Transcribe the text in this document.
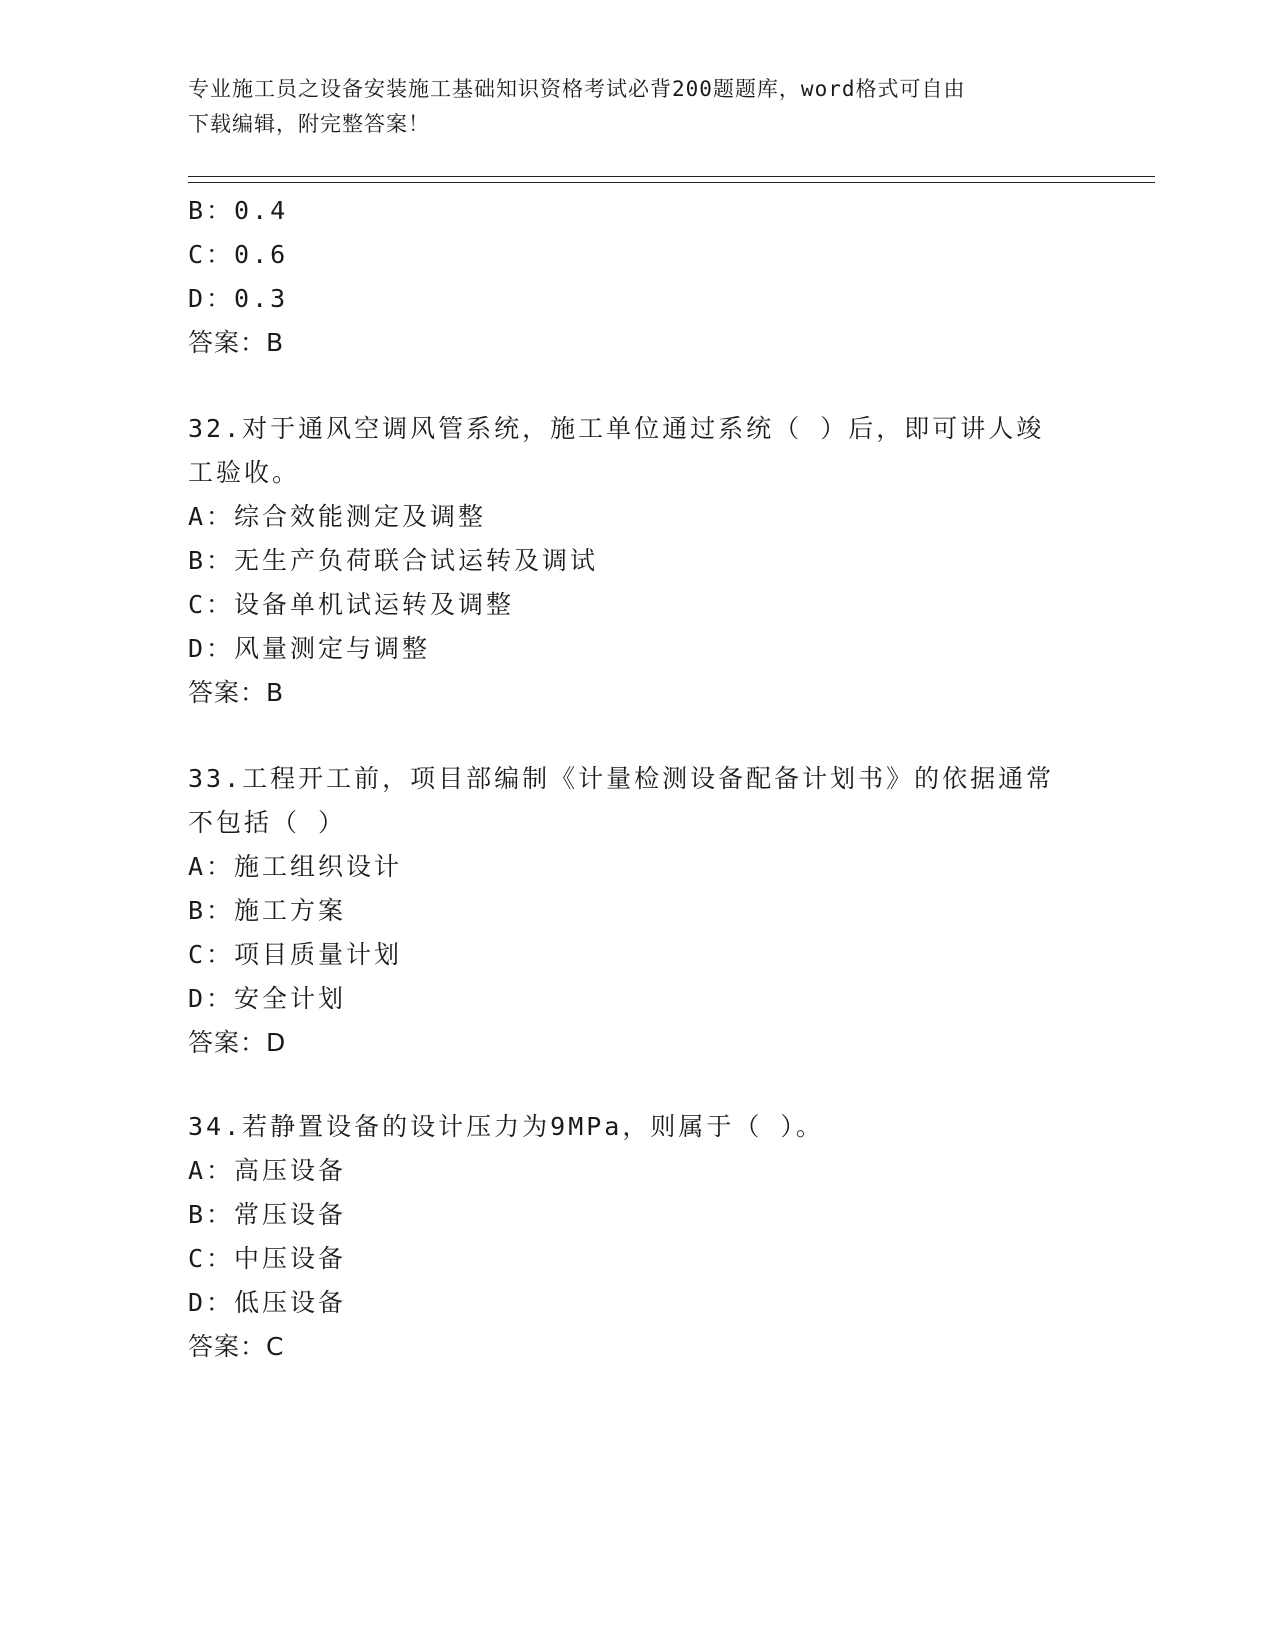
专业施工员之设备安装施工基础知识资格考试必背200题题库，word格式可自由
下载编辑，附完整答案！
B：0.4
C：0.6
D：0.3
答案：B
32.对于通风空调风管系统，施工单位通过系统（ ）后，即可讲人竣
工验收。
A：综合效能测定及调整
B：无生产负荷联合试运转及调试
C：设备单机试运转及调整
D：风量测定与调整
答案：B
33.工程开工前，项目部编制《计量检测设备配备计划书》的依据通常
不包括（ ）
A：施工组织设计
B：施工方案
C：项目质量计划
D：安全计划
答案：D
34.若静置设备的设计压力为9MPa，则属于（ ）。
A：高压设备
B：常压设备
C：中压设备
D：低压设备
答案：C
